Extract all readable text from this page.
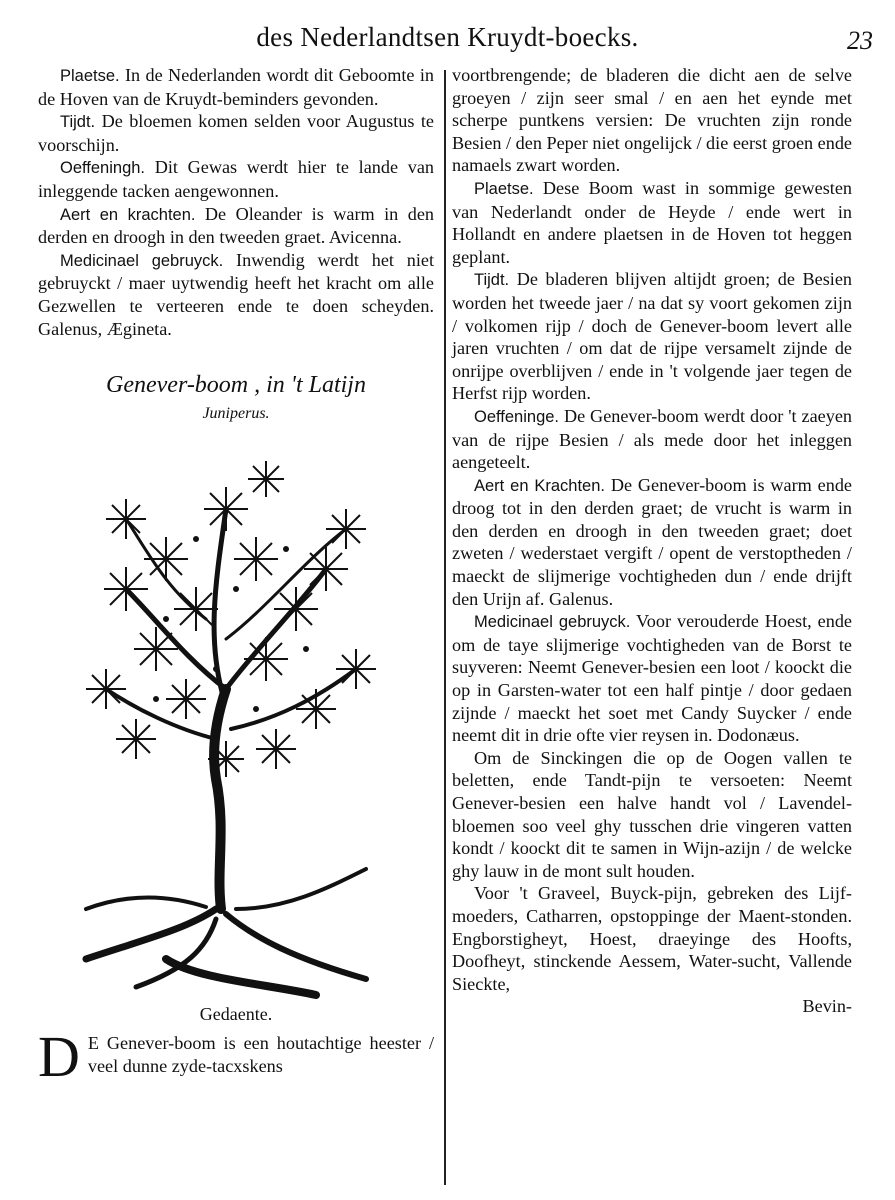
des Nederlandtsen Kruydt-boecks.	23

Plaetse. In de Nederlanden wordt dit Geboomte in de Hoven van de Kruydt-beminders gevonden.

Tijdt. De bloemen komen selden voor Augustus te voorschijn.

Oeffeningh. Dit Gewas werdt hier te lande van inleggende tacken aengewonnen.

Aert en krachten. De Oleander is warm in den derden en droogh in den tweeden graet. Avicenna.

Medicinael gebruyck. Inwendig werdt het niet gebruyckt / maer uytwendig heeft het kracht om alle Gezwellen te verteeren ende te doen scheyden. Galenus, Ægineta.

Genever-boom , in 't Latijn
Juniperus.
Gedaente.

D E Genever-boom is een houtachtige heester / veel dunne zyde-tacxskens

voortbrengende; de bladeren die dicht aen de selve groeyen / zijn seer smal / en aen het eynde met scherpe puntkens versien: De vruchten zijn ronde Besien / den Peper niet ongelijck / die eerst groen ende namaels zwart worden.

Plaetse. Dese Boom wast in sommige gewesten van Nederlandt onder de Heyde / ende wert in Hollandt en andere plaetsen in de Hoven tot heggen geplant.

Tijdt. De bladeren blijven altijdt groen; de Besien worden het tweede jaer / na dat sy voort gekomen zijn / volkomen rijp / doch de Genever-boom levert alle jaren vruchten / om dat de rijpe versamelt zijnde de onrijpe overblijven / ende in 't volgende jaer tegen de Herfst rijp worden.

Oeffeninge. De Genever-boom werdt door 't zaeyen van de rijpe Besien / als mede door het inleggen aengeteelt.

Aert en Krachten. De Genever-boom is warm ende droog tot in den derden graet; de vrucht is warm in den derden en droogh in den tweeden graet; doet zweten / wederstaet vergift / opent de verstoptheden / maeckt de slijmerige vochtigheden dun / ende drijft den Urijn af. Galenus.

Medicinael gebruyck. Voor verouderde Hoest, ende om de taye slijmerige vochtigheden van de Borst te suyveren: Neemt Genever-besien een loot / koockt die op in Garsten-water tot een half pintje / door gedaen zijnde / maeckt het soet met Candy Suycker / ende neemt dit in drie ofte vier reysen in. Dodonæus.

Om de Sinckingen die op de Oogen vallen te beletten, ende Tandt-pijn te versoeten: Neemt Genever-besien een halve handt vol / Lavendel-bloemen soo veel ghy tusschen drie vingeren vatten kondt / koockt dit te samen in Wijn-azijn / de welcke ghy lauw in de mont sult houden.

Voor 't Graveel, Buyck-pijn, gebreken des Lijf-moeders, Catharren, opstoppinge der Maent-stonden. Engborstigheyt, Hoest, draeyinge des Hoofts, Doofheyt, stinckende Aessem, Water-sucht, Vallende Sieckte,

Bevin-
